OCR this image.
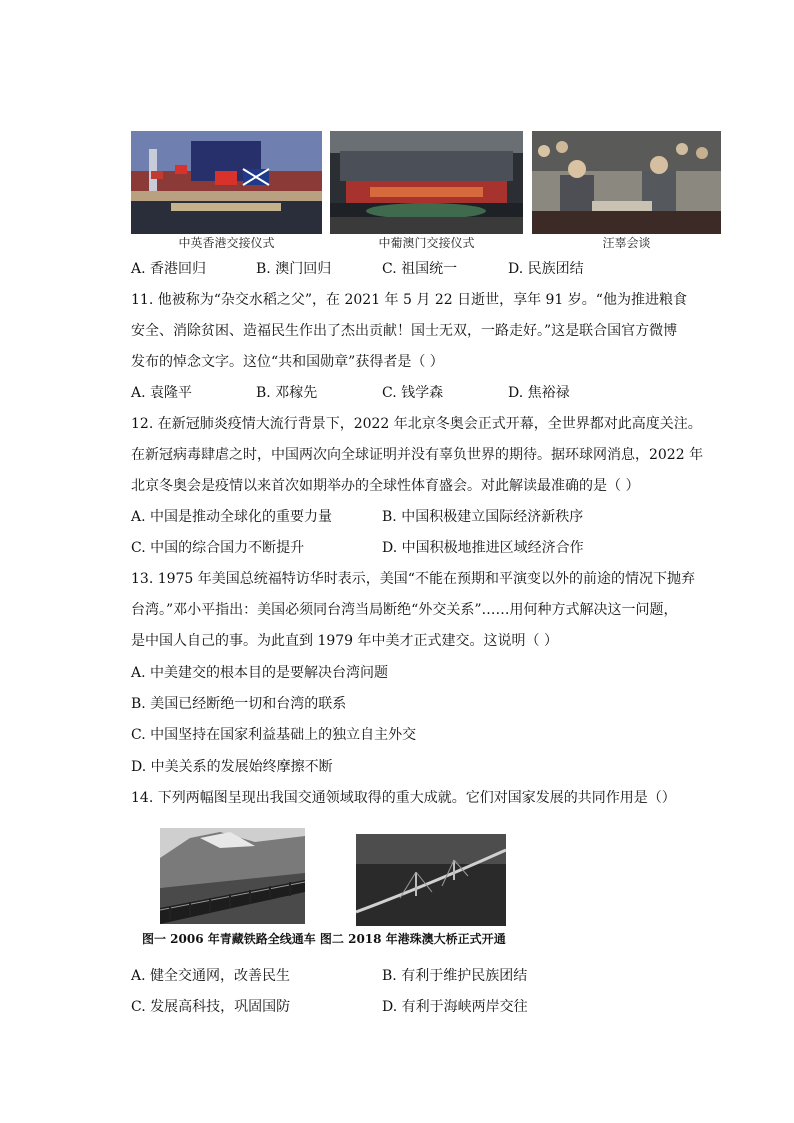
中英香港交接仪式	中葡澳门交接仪式	汪辜会谈
A. 香港回归	B. 澳门回归	C. 祖国统一	D. 民族团结
11. 他被称为“杂交水稻之父”，在 2021 年 5 月 22 日逝世，享年 91 岁。“他为推进粮食
安全、消除贫困、造福民生作出了杰出贡献！国士无双，一路走好。”这是联合国官方微博
发布的悼念文字。这位“共和国勋章”获得者是（ ）
A. 袁隆平	B. 邓稼先	C. 钱学森	D. 焦裕禄
12. 在新冠肺炎疫情大流行背景下，2022 年北京冬奥会正式开幕，全世界都对此高度关注。
在新冠病毒肆虐之时，中国两次向全球证明并没有辜负世界的期待。据环球网消息，2022 年
北京冬奥会是疫情以来首次如期举办的全球性体育盛会。对此解读最准确的是（ ）
A. 中国是推动全球化的重要力量	B. 中国积极建立国际经济新秩序
C. 中国的综合国力不断提升	D. 中国积极地推进区域经济合作
13. 1975 年美国总统福特访华时表示，美国“不能在预期和平演变以外的前途的情况下抛弃
台湾。”邓小平指出：美国必须同台湾当局断绝“外交关系”……用何种方式解决这一问题，
是中国人自己的事。为此直到 1979 年中美才正式建交。这说明（ ）
A. 中美建交的根本目的是要解决台湾问题
B. 美国已经断绝一切和台湾的联系
C. 中国坚持在国家利益基础上的独立自主外交
D. 中美关系的发展始终摩擦不断
14. 下列两幅图呈现出我国交通领域取得的重大成就。它们对国家发展的共同作用是（）
图一 2006 年青藏铁路全线通车 图二 2018 年港珠澳大桥正式开通
A. 健全交通网，改善民生	B. 有利于维护民族团结
C. 发展高科技，巩固国防	D. 有利于海峡两岸交往
